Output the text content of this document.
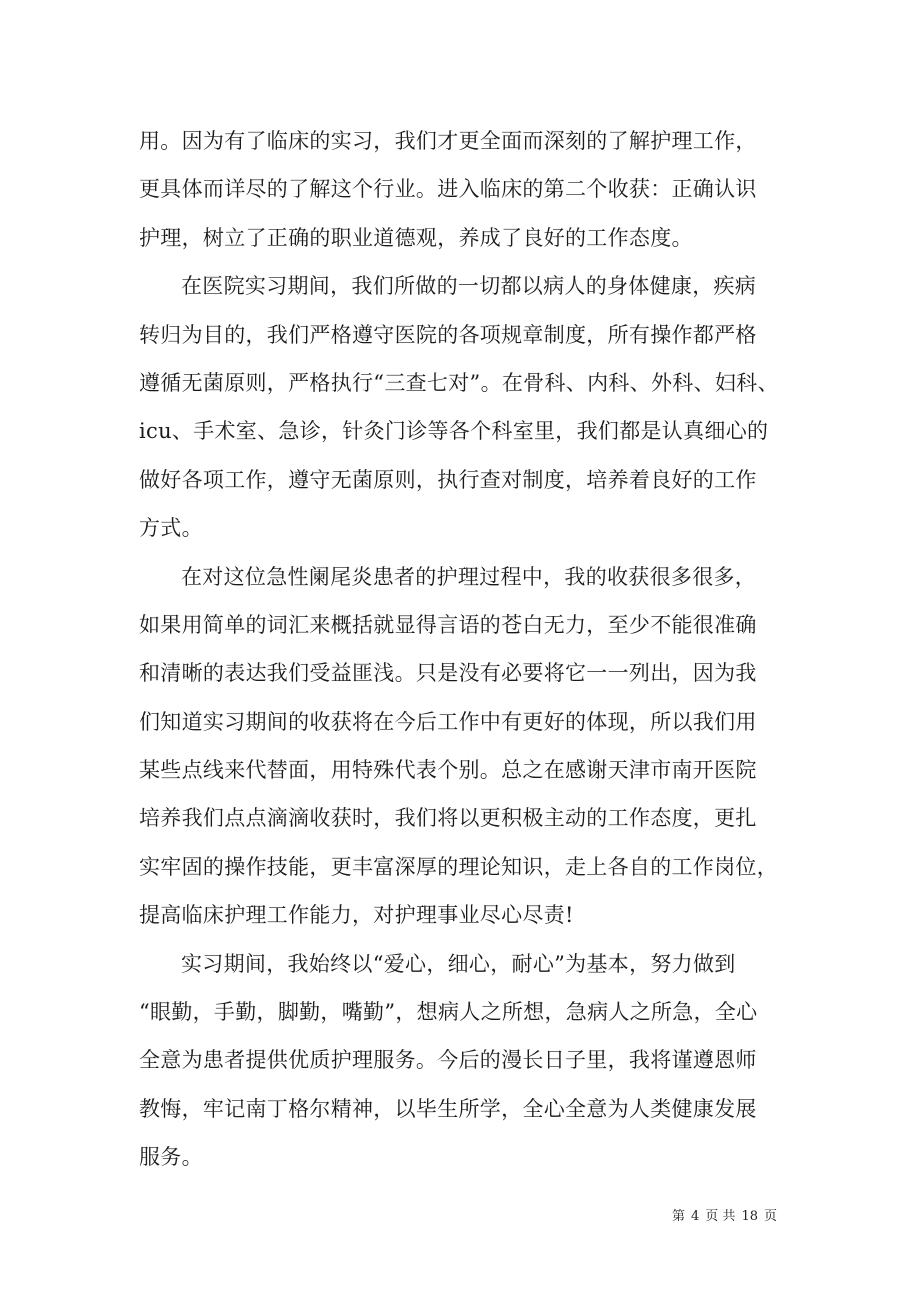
用。因为有了临床的实习，我们才更全面而深刻的了解护理工作，
更具体而详尽的了解这个行业。进入临床的第二个收获：正确认识
护理，树立了正确的职业道德观，养成了良好的工作态度。
在医院实习期间，我们所做的一切都以病人的身体健康，疾病
转归为目的，我们严格遵守医院的各项规章制度，所有操作都严格
遵循无菌原则，严格执行“三查七对”。在骨科、内科、外科、妇科、
icu、手术室、急诊，针灸门诊等各个科室里，我们都是认真细心的
做好各项工作，遵守无菌原则，执行查对制度，培养着良好的工作
方式。
在对这位急性阑尾炎患者的护理过程中，我的收获很多很多，
如果用简单的词汇来概括就显得言语的苍白无力，至少不能很准确
和清晰的表达我们受益匪浅。只是没有必要将它一一列出，因为我
们知道实习期间的收获将在今后工作中有更好的体现，所以我们用
某些点线来代替面，用特殊代表个别。总之在感谢天津市南开医院
培养我们点点滴滴收获时，我们将以更积极主动的工作态度，更扎
实牢固的操作技能，更丰富深厚的理论知识，走上各自的工作岗位，
提高临床护理工作能力，对护理事业尽心尽责!
实习期间，我始终以“爱心，细心，耐心”为基本，努力做到
“眼勤，手勤，脚勤，嘴勤”，想病人之所想，急病人之所急，全心
全意为患者提供优质护理服务。今后的漫长日子里，我将谨遵恩师
教悔，牢记南丁格尔精神，以毕生所学，全心全意为人类健康发展
服务。
第 4 页 共 18 页
